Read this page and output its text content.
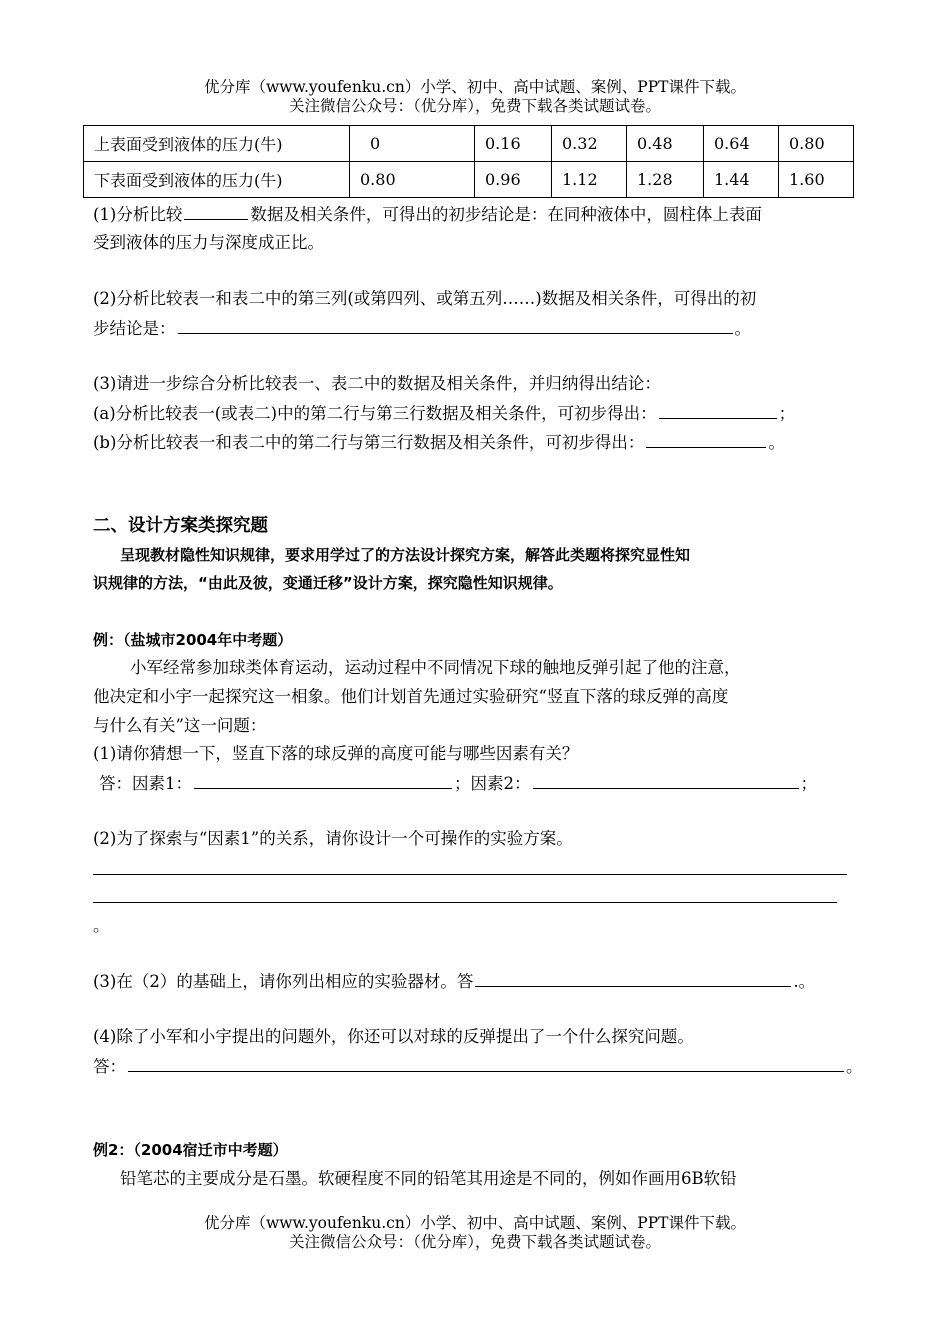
优分库（www.youfenku.cn）小学、初中、高中试题、案例、PPT课件下载。
关注微信公众号：（优分库），免费下载各类试题试卷。
上表面受到液体的压力(牛)	0	0.16	0.32	0.48	0.64	0.80
下表面受到液体的压力(牛)	0.80	0.96	1.12	1.28	1.44	1.60
(1)分析比较	数据及相关条件，可得出的初步结论是：在同种液体中，圆柱体上表面
受到液体的压力与深度成正比。
(2)分析比较表一和表二中的第三列(或第四列、或第五列……)数据及相关条件，可得出的初
步结论是：	。
(3)请进一步综合分析比较表一、表二中的数据及相关条件，并归纳得出结论：
(a)分析比较表一(或表二)中的第二行与第三行数据及相关条件，可初步得出：	；
(b)分析比较表一和表二中的第二行与第三行数据及相关条件，可初步得出：	。
二、设计方案类探究题
呈现教材隐性知识规律，要求用学过了的方法设计探究方案，解答此类题将探究显性知
识规律的方法，“由此及彼，变通迁移”设计方案，探究隐性知识规律。
例：（盐城市2004年中考题）
小军经常参加球类体育运动，运动过程中不同情况下球的触地反弹引起了他的注意，
他决定和小宇一起探究这一相象。他们计划首先通过实验研究“竖直下落的球反弹的高度
与什么有关”这一问题：
(1)请你猜想一下，竖直下落的球反弹的高度可能与哪些因素有关？
答：因素1：	；因素2：	；
(2)为了探索与“因素1”的关系，请你设计一个可操作的实验方案。
。
(3)在（2）的基础上，请你列出相应的实验器材。答	.。
(4)除了小军和小宇提出的问题外，你还可以对球的反弹提出了一个什么探究问题。
答：	。
例2：（2004宿迁市中考题）
铅笔芯的主要成分是石墨。软硬程度不同的铅笔其用途是不同的，例如作画用6B软铅
优分库（www.youfenku.cn）小学、初中、高中试题、案例、PPT课件下载。
关注微信公众号：（优分库），免费下载各类试题试卷。
